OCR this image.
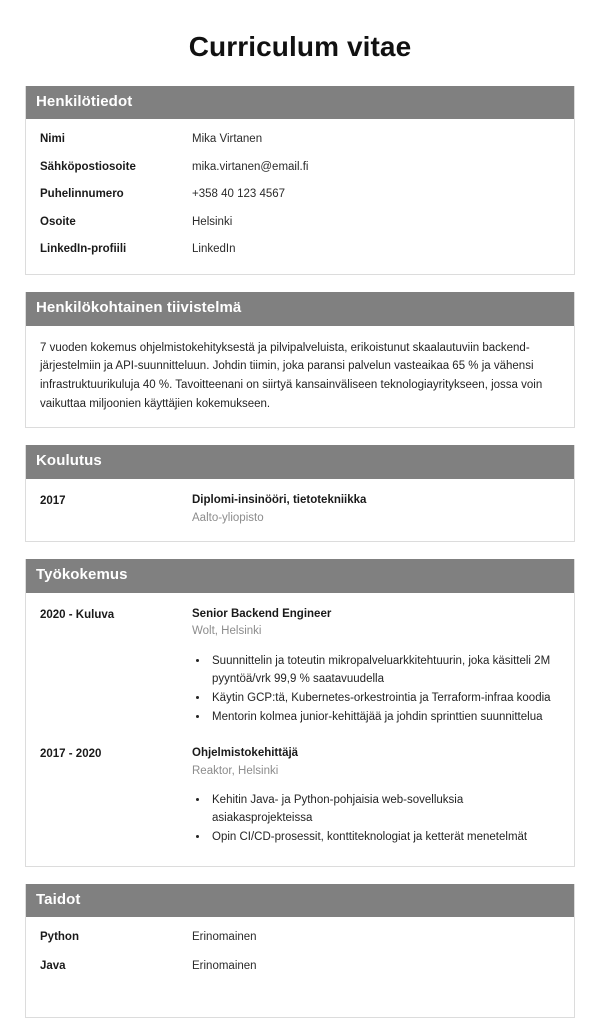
Curriculum vitae
Henkilötiedot
Nimi	Mika Virtanen
Sähköpostiosoite	mika.virtanen@email.fi
Puhelinnumero	+358 40 123 4567
Osoite	Helsinki
LinkedIn-profiili	LinkedIn
Henkilökohtainen tiivistelmä

7 vuoden kokemus ohjelmistokehityksestä ja pilvipalveluista, erikoistunut skaalautuviin backend-järjestelmiin ja API-suunnitteluun. Johdin tiimin, joka paransi palvelun vasteaikaa 65 % ja vähensi infrastruktuurikuluja 40 %. Tavoitteenani on siirtyä kansainväliseen teknologiayritykseen, jossa voin vaikuttaa miljoonien käyttäjien kokemukseen.

Koulutus
2017	Diplomi-insinööri, tietotekniikka
Aalto-yliopisto
Työkokemus
2020 - Kuluva	Senior Backend Engineer
Wolt, Helsinki
• Suunnittelin ja toteutin mikropalveluarkkitehtuurin, joka käsitteli 2M pyyntöä/vrk 99,9 % saatavuudella
• Käytin GCP:tä, Kubernetes-orkestrointia ja Terraform-infraa koodia
• Mentorin kolmea junior-kehittäjää ja johdin sprinttien suunnittelua
2017 - 2020	Ohjelmistokehittäjä
Reaktor, Helsinki
• Kehitin Java- ja Python-pohjaisia web-sovelluksia asiakasprojekteissa
• Opin CI/CD-prosessit, konttiteknologiat ja ketterät menetelmät
Taidot
Python	Erinomainen
Java	Erinomainen
